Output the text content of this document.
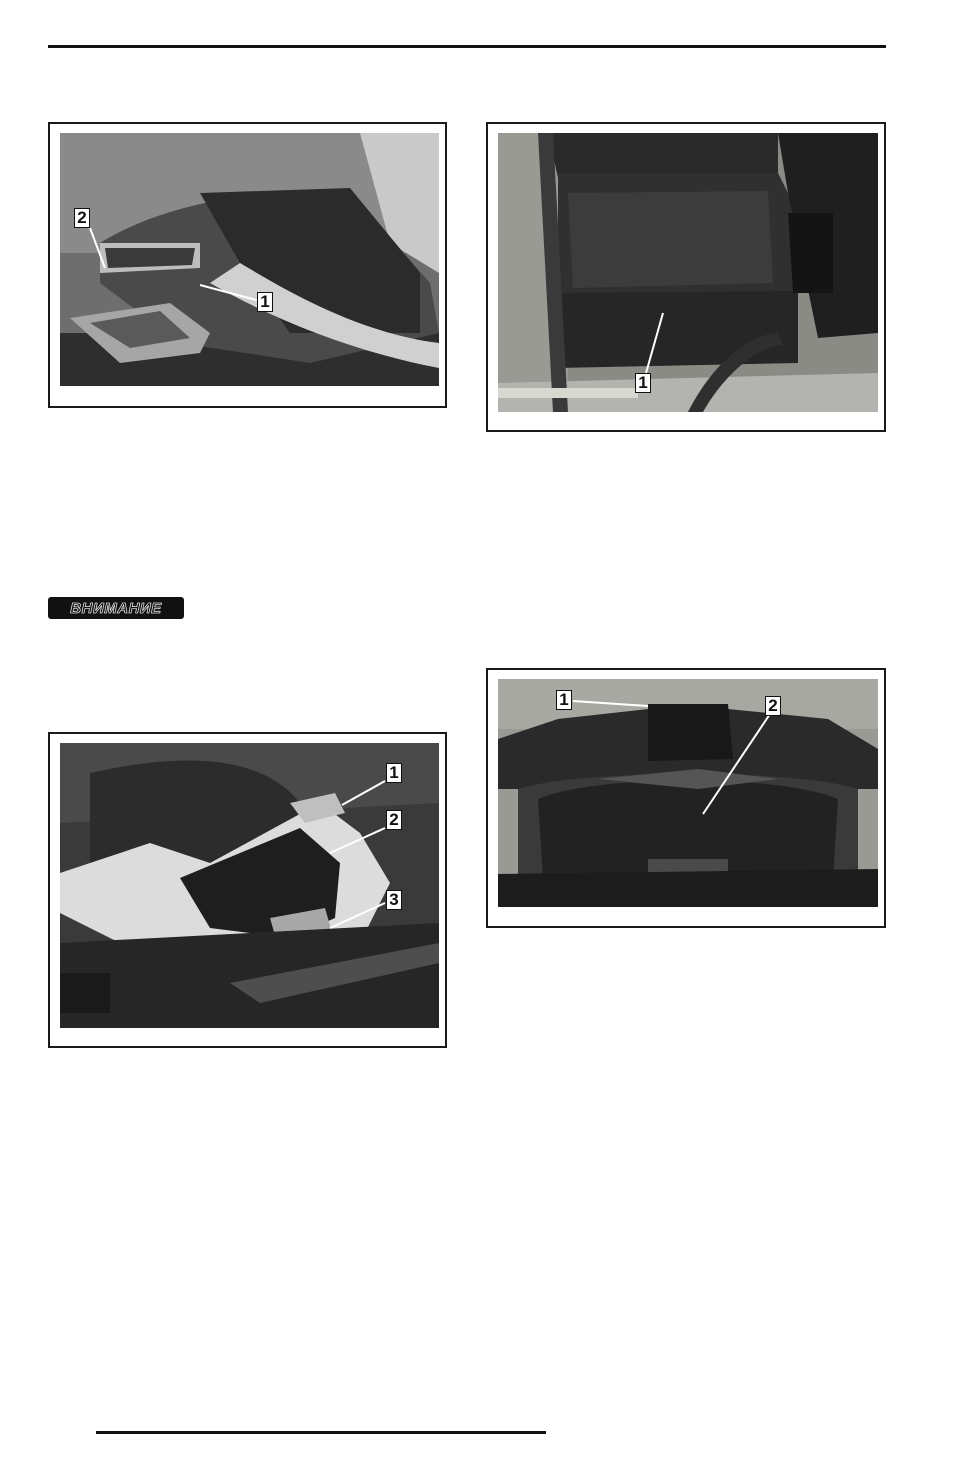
2
1
1
ВНИМАНИЕ
1
2
3
1	2
